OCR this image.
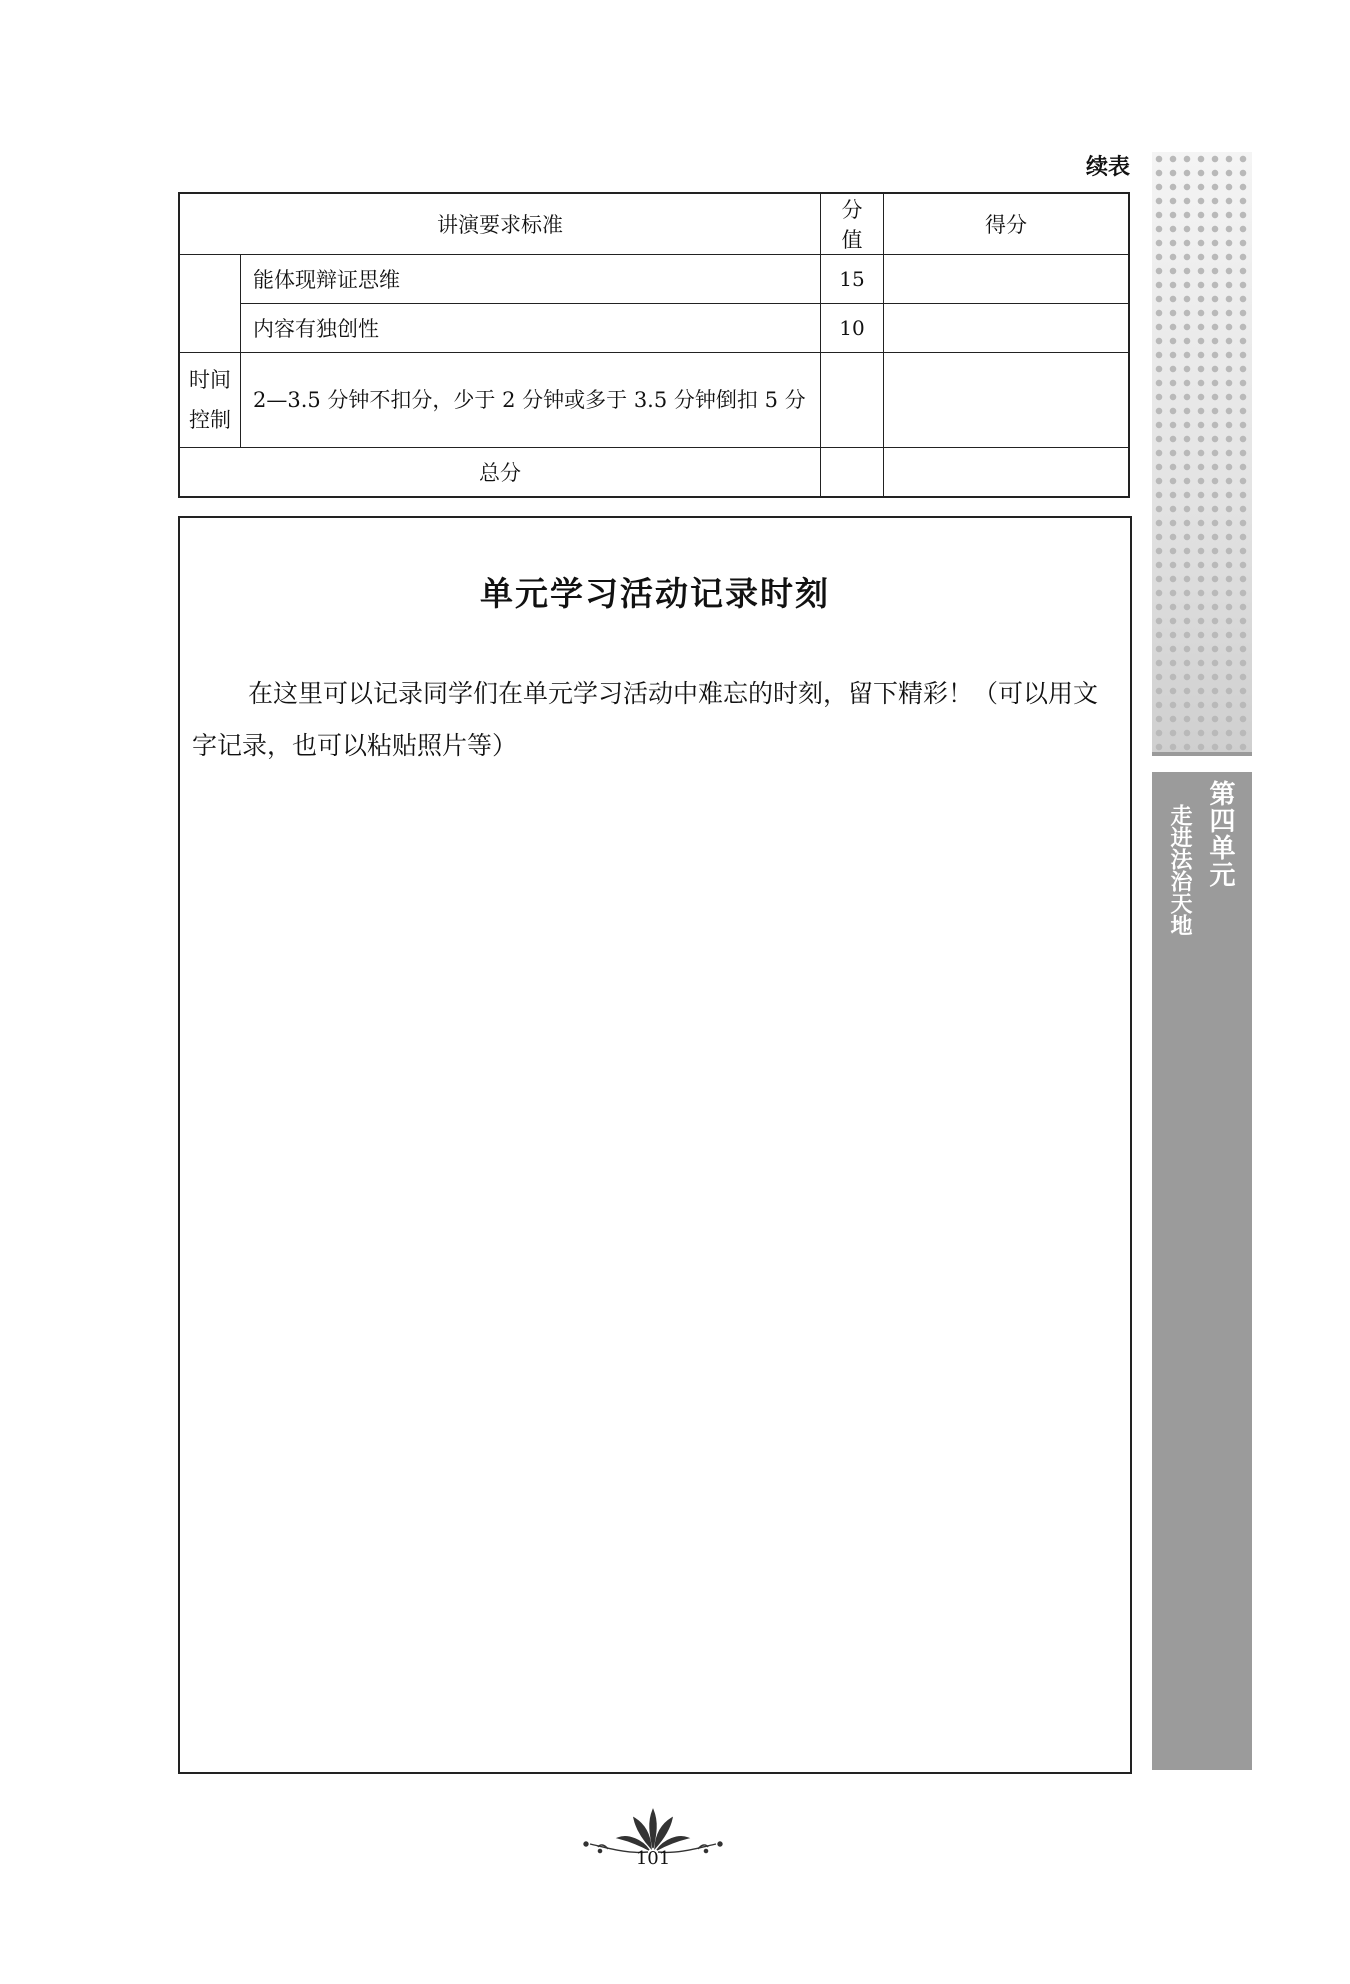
续表
讲演要求标准		分值	得分
	能体现辩证思维	15	
	内容有独创性	10	
时间控制	2—3.5 分钟不扣分，少于 2 分钟或多于 3.5 分钟倒扣 5 分		
总分			
单元学习活动记录时刻
在这里可以记录同学们在单元学习活动中难忘的时刻，留下精彩！（可以用文字记录，也可以粘贴照片等）
第四单元
走进法治天地
101
